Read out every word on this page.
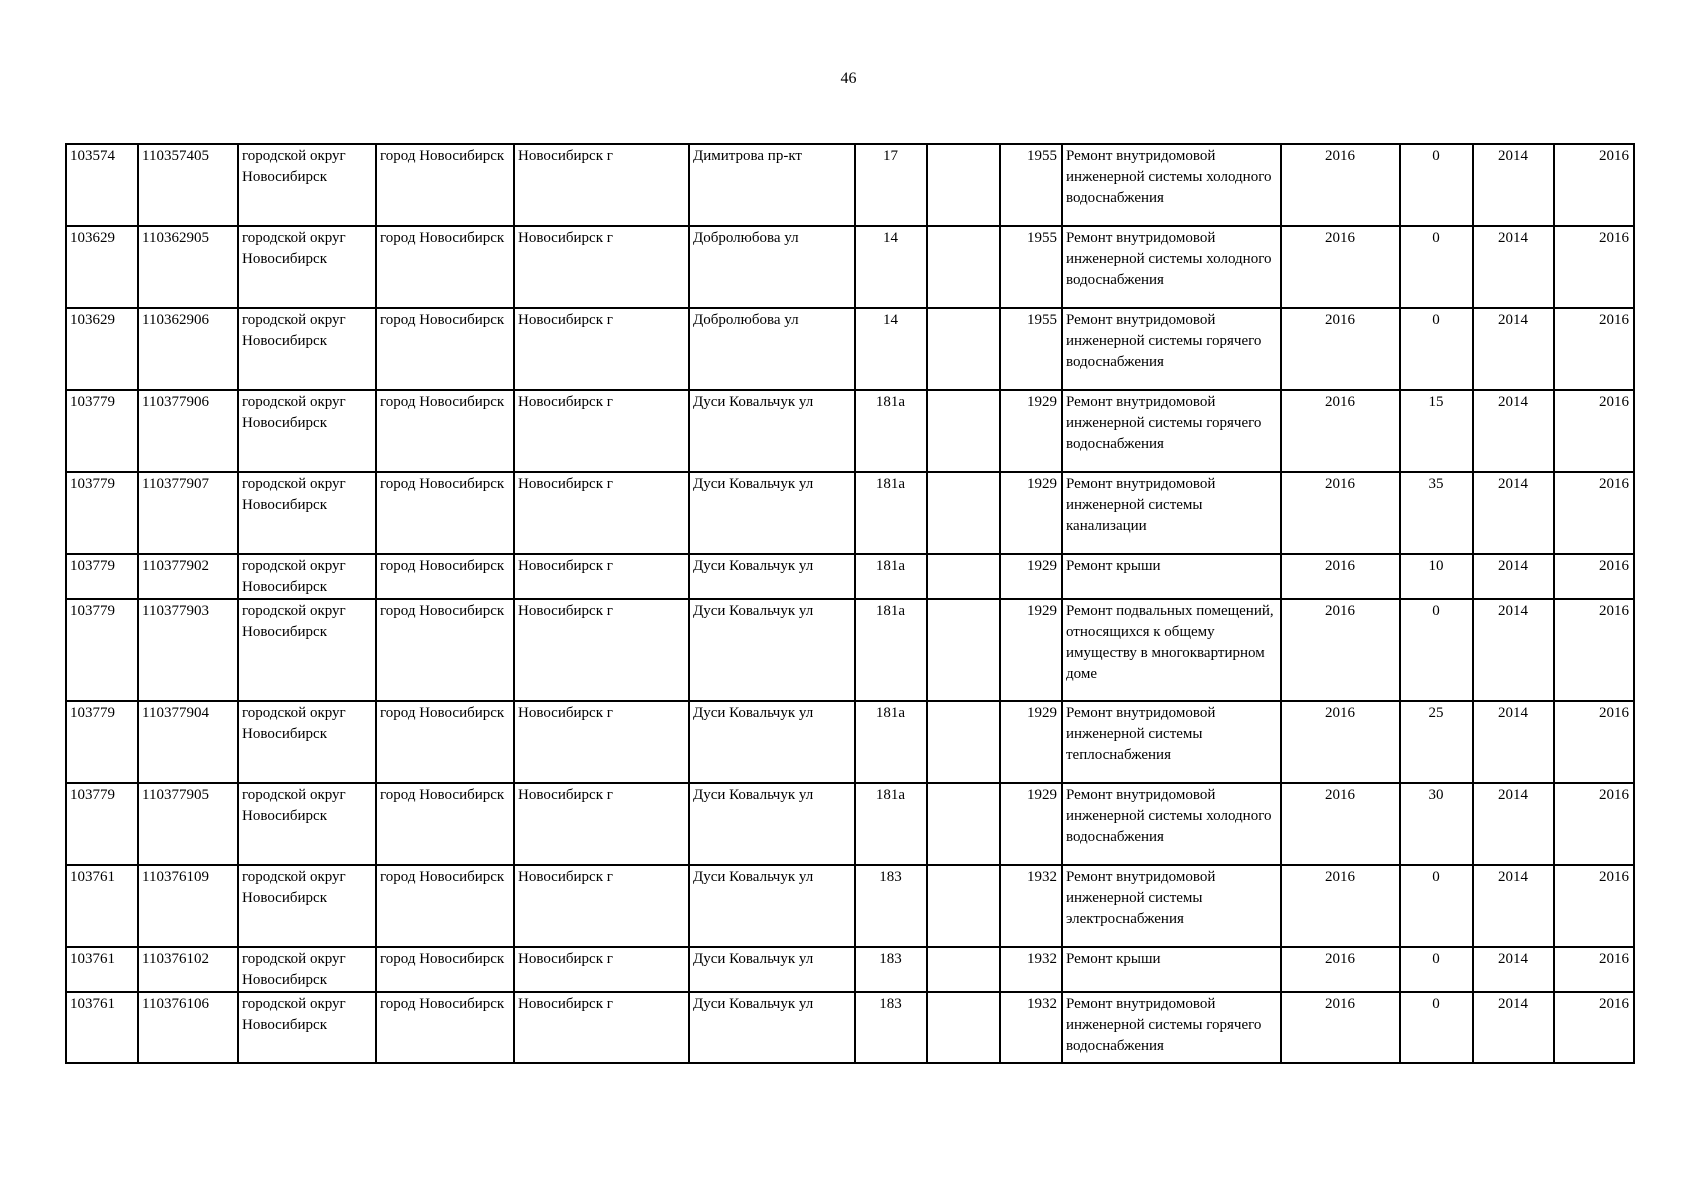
46
103574	110357405	городской округ Новосибирск	город Новосибирск	Новосибирск г	Димитрова пр-кт	17		1955	Ремонт внутридомовой инженерной системы холодного водоснабжения	2016	0	2014	2016
103629	110362905	городской округ Новосибирск	город Новосибирск	Новосибирск г	Добролюбова ул	14		1955	Ремонт внутридомовой инженерной системы холодного водоснабжения	2016	0	2014	2016
103629	110362906	городской округ Новосибирск	город Новосибирск	Новосибирск г	Добролюбова ул	14		1955	Ремонт внутридомовой инженерной системы горячего водоснабжения	2016	0	2014	2016
103779	110377906	городской округ Новосибирск	город Новосибирск	Новосибирск г	Дуси Ковальчук ул	181а		1929	Ремонт внутридомовой инженерной системы горячего водоснабжения	2016	15	2014	2016
103779	110377907	городской округ Новосибирск	город Новосибирск	Новосибирск г	Дуси Ковальчук ул	181а		1929	Ремонт внутридомовой инженерной системы канализации	2016	35	2014	2016
103779	110377902	городской округ Новосибирск	город Новосибирск	Новосибирск г	Дуси Ковальчук ул	181а		1929	Ремонт крыши	2016	10	2014	2016
103779	110377903	городской округ Новосибирск	город Новосибирск	Новосибирск г	Дуси Ковальчук ул	181а		1929	Ремонт подвальных помещений, относящихся к общему имуществу в многоквартирном доме	2016	0	2014	2016
103779	110377904	городской округ Новосибирск	город Новосибирск	Новосибирск г	Дуси Ковальчук ул	181а		1929	Ремонт внутридомовой инженерной системы теплоснабжения	2016	25	2014	2016
103779	110377905	городской округ Новосибирск	город Новосибирск	Новосибирск г	Дуси Ковальчук ул	181а		1929	Ремонт внутридомовой инженерной системы холодного водоснабжения	2016	30	2014	2016
103761	110376109	городской округ Новосибирск	город Новосибирск	Новосибирск г	Дуси Ковальчук ул	183		1932	Ремонт внутридомовой инженерной системы электроснабжения	2016	0	2014	2016
103761	110376102	городской округ Новосибирск	город Новосибирск	Новосибирск г	Дуси Ковальчук ул	183		1932	Ремонт крыши	2016	0	2014	2016
103761	110376106	городской округ Новосибирск	город Новосибирск	Новосибирск г	Дуси Ковальчук ул	183		1932	Ремонт внутридомовой инженерной системы горячего водоснабжения	2016	0	2014	2016
